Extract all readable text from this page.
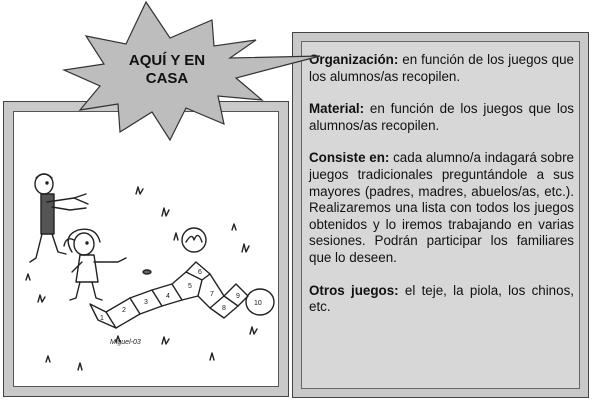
1
2
3
4
5
6
7
8
9
10
Miguel-03

Organización: en función de los juegos que los alumnos/as recopilen.

Material: en función de los juegos que los alumnos/as recopilen.

Consiste en: cada alumno/a indagará sobre juegos tradicionales preguntándole a sus mayores (padres, madres, abuelos/as, etc.). Realizaremos una lista con todos los juegos obtenidos y lo iremos trabajando en varias sesiones. Podrán participar los familiares que lo deseen.

Otros juegos: el teje, la piola, los chinos, etc.

AQUÍ Y EN
CASA
